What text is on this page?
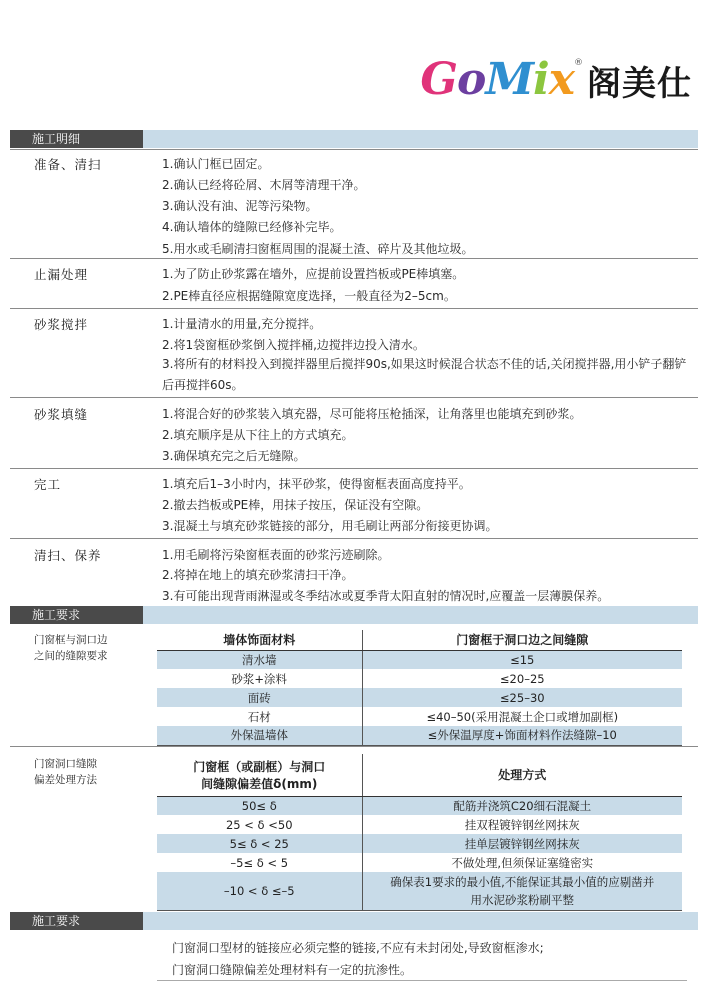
GoMix ®
阁美仕
施工明细
准备、清扫	1.确认门框已固定。
2.确认已经将砼屑、木屑等清理干净。
3.确认没有油、泥等污染物。
4.确认墙体的缝隙已经修补完毕。
5.用水或毛刷清扫窗框周围的混凝土渣、碎片及其他垃圾。
止漏处理	1.为了防止砂浆露在墙外，应提前设置挡板或PE棒填塞。
2.PE棒直径应根据缝隙宽度选择，一般直径为2–5cm。
砂浆搅拌	1.计量清水的用量,充分搅拌。
2.将1袋窗框砂浆倒入搅拌桶,边搅拌边投入清水。
3.将所有的材料投入到搅拌器里后搅拌90s,如果这时候混合状态不佳的话,关闭搅拌器,用小铲子翻铲后再搅拌60s。
砂浆填缝	1.将混合好的砂浆装入填充器，尽可能将压枪插深，让角落里也能填充到砂浆。
2.填充顺序是从下往上的方式填充。
3.确保填充完之后无缝隙。
完工	1.填充后1–3小时内，抹平砂浆，使得窗框表面高度持平。
2.撤去挡板或PE棒，用抹子按压，保证没有空隙。
3.混凝土与填充砂浆链接的部分，用毛刷让两部分衔接更协调。
清扫、保养	1.用毛刷将污染窗框表面的砂浆污迹刷除。
2.将掉在地上的填充砂浆清扫干净。
3.有可能出现背雨淋湿或冬季结冰或夏季背太阳直射的情况时,应覆盖一层薄膜保养。
施工要求
门窗框与洞口边
之间的缝隙要求
墙体饰面材料	门窗框于洞口边之间缝隙
清水墙	≤15
砂浆+涂料	≤20–25
面砖	≤25–30
石材	≤40–50(采用混凝土企口或增加副框)
外保温墙体	≤外保温厚度+饰面材料作法缝隙–10
门窗洞口缝隙
偏差处理方法
门窗框（或副框）与洞口
间缝隙偏差值δ(mm)	处理方式
50≤ δ	配筋并浇筑C20细石混凝土
25 < δ <50	挂双程镀锌钢丝网抹灰
5≤ δ < 25	挂单层镀锌钢丝网抹灰
–5≤ δ < 5	不做处理,但须保证塞缝密实
–10 < δ ≤–5	确保表1要求的最小值,不能保证其最小值的应剔凿并用水泥砂浆粉刷平整
施工要求
门窗洞口型材的链接应必须完整的链接,不应有未封闭处,导致窗框渗水;
门窗洞口缝隙偏差处理材料有一定的抗渗性。
